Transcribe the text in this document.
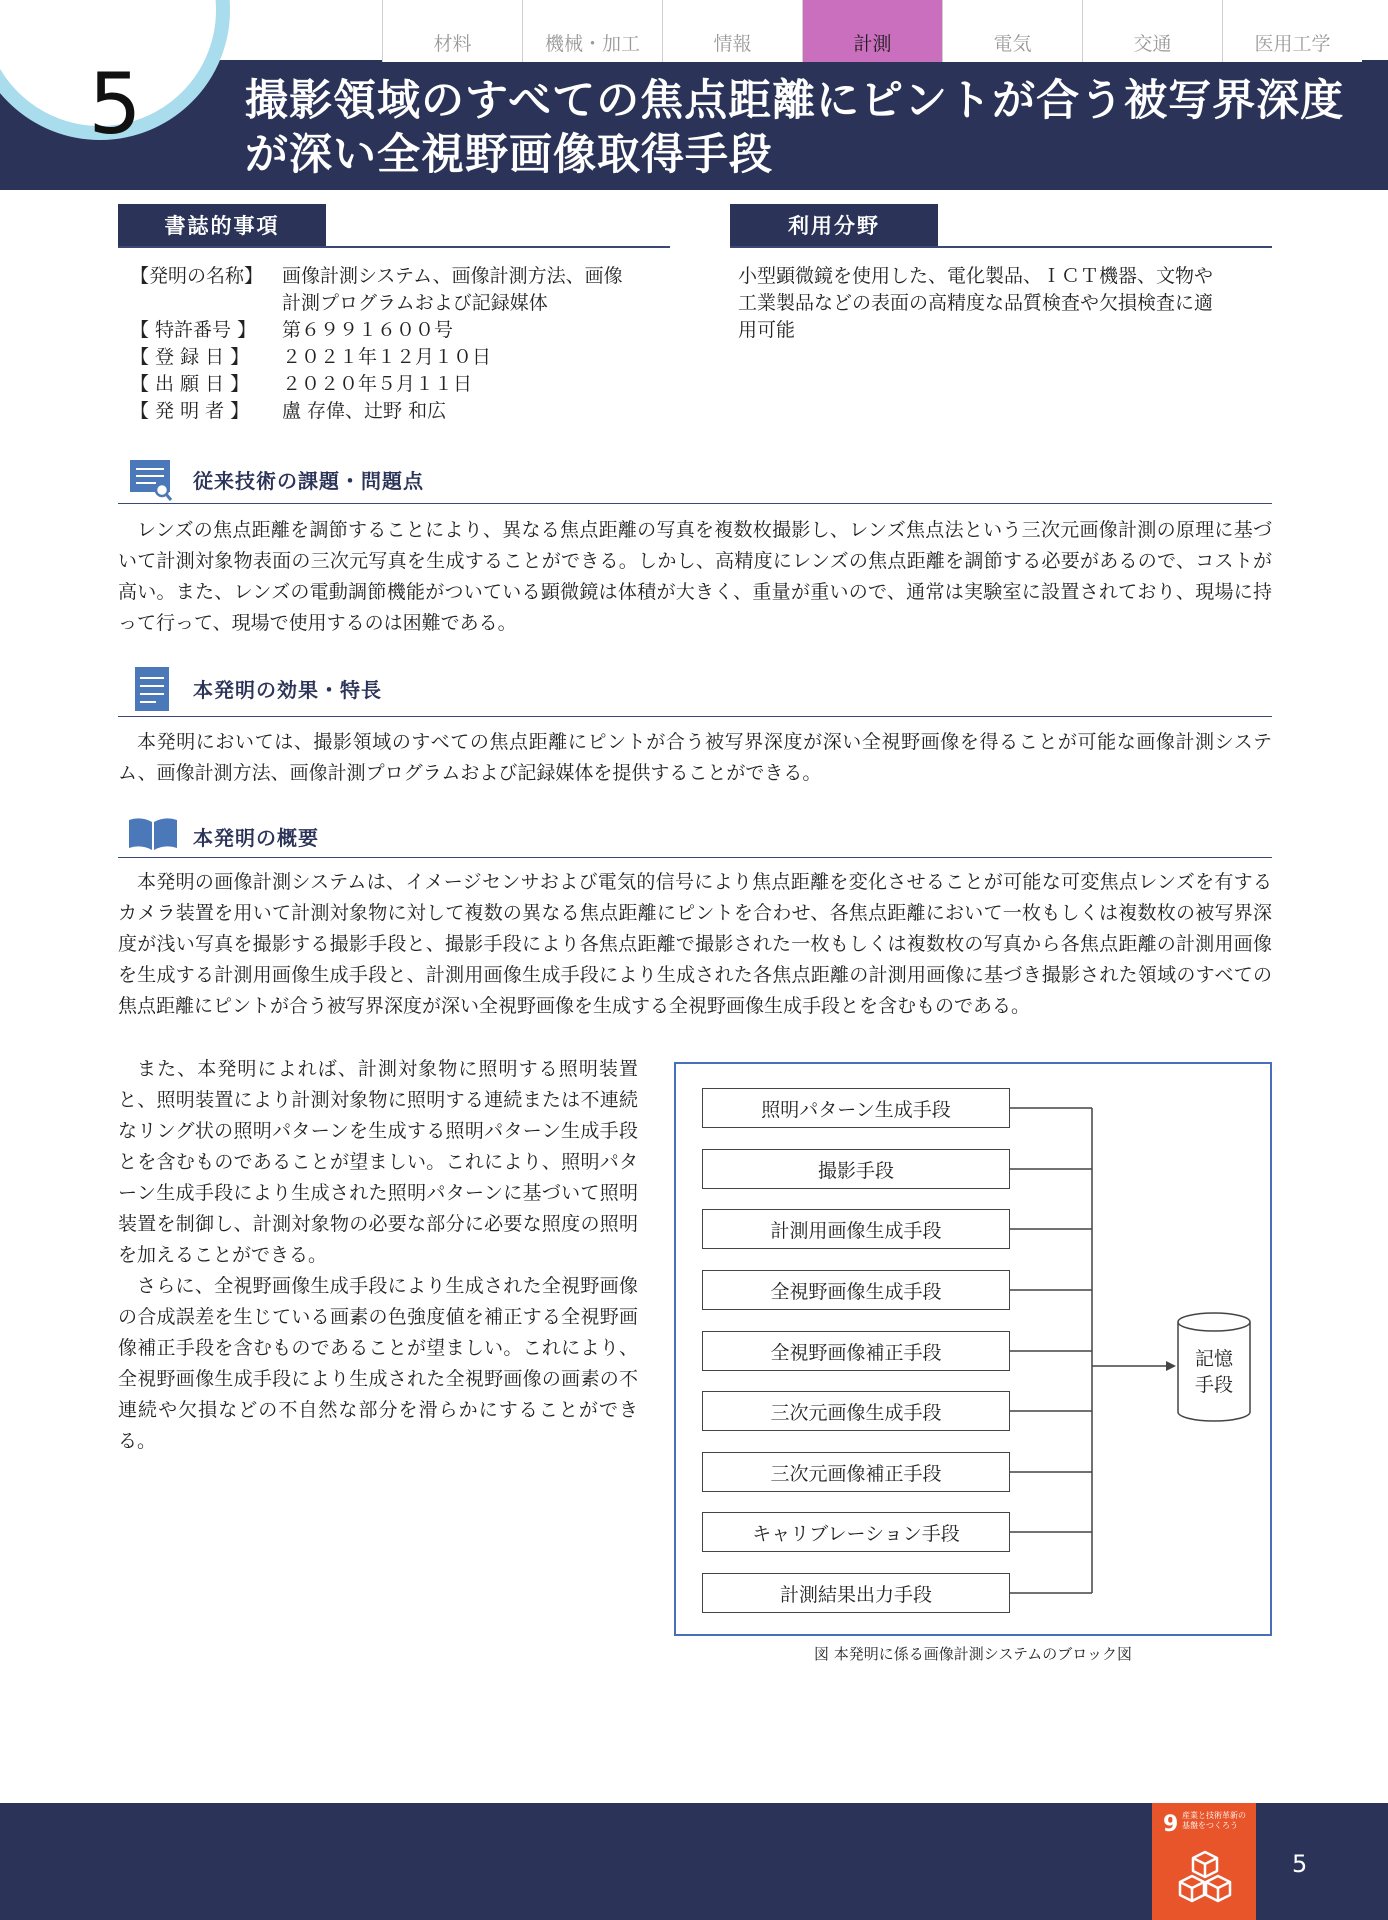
5	撮影領域のすべての焦点距離にピントが合う被写界深度
が深い全視野画像取得手段
材料	機械・加工	情報	計測	電気	交通	医用工学
書誌的事項
【発明の名称】 画像計測システム、画像計測方法、画像
計測プログラムおよび記録媒体
【 特許番号 】	第６９９１６００号
【 登 録 日 】	２０２１年１２月１０日
【 出 願 日 】	２０２０年５月１１日
【 発 明 者 】	盧 存偉、辻野 和広
利用分野
小型顕微鏡を使用した、電化製品、ＩＣＴ機器、文物や
工業製品などの表面の高精度な品質検査や欠損検査に適
用可能
従来技術の課題・問題点

レンズの焦点距離を調節することにより、異なる焦点距離の写真を複数枚撮影し、レンズ焦点法という三次元画像計測の原理に基づいて計測対象物表面の三次元写真を生成することができる。しかし、高精度にレンズの焦点距離を調節する必要があるので、コストが高い。また、レンズの電動調節機能がついている顕微鏡は体積が大きく、重量が重いので、通常は実験室に設置されており、現場に持って行って、現場で使用するのは困難である。

本発明の効果・特長

本発明においては、撮影領域のすべての焦点距離にピントが合う被写界深度が深い全視野画像を得ることが可能な画像計測システム、画像計測方法、画像計測プログラムおよび記録媒体を提供することができる。

本発明の概要

本発明の画像計測システムは、イメージセンサおよび電気的信号により焦点距離を変化させることが可能な可変焦点レンズを有するカメラ装置を用いて計測対象物に対して複数の異なる焦点距離にピントを合わせ、各焦点距離において一枚もしくは複数枚の被写界深度が浅い写真を撮影する撮影手段と、撮影手段により各焦点距離で撮影された一枚もしくは複数枚の写真から各焦点距離の計測用画像を生成する計測用画像生成手段と、計測用画像生成手段により生成された各焦点距離の計測用画像に基づき撮影された領域のすべての焦点距離にピントが合う被写界深度が深い全視野画像を生成する全視野画像生成手段とを含むものである。

また、本発明によれば、計測対象物に照明する照明装置と、照明装置により計測対象物に照明する連続または不連続なリング状の照明パターンを生成する照明パターン生成手段とを含むものであることが望ましい。これにより、照明パターン生成手段により生成された照明パターンに基づいて照明装置を制御し、計測対象物の必要な部分に必要な照度の照明を加えることができる。

さらに、全視野画像生成手段により生成された全視野画像の合成誤差を生じている画素の色強度値を補正する全視野画像補正手段を含むものであることが望ましい。これにより、全視野画像生成手段により生成された全視野画像の画素の不連続や欠損などの不自然な部分を滑らかにすることができる。

照明パターン生成手段
撮影手段
計測用画像生成手段
全視野画像生成手段
全視野画像補正手段
三次元画像生成手段
三次元画像補正手段
キャリブレーション手段
計測結果出力手段
記憶
手段
図 本発明に係る画像計測システムのブロック図
9 産業と技術革新の基盤をつくろう
5
